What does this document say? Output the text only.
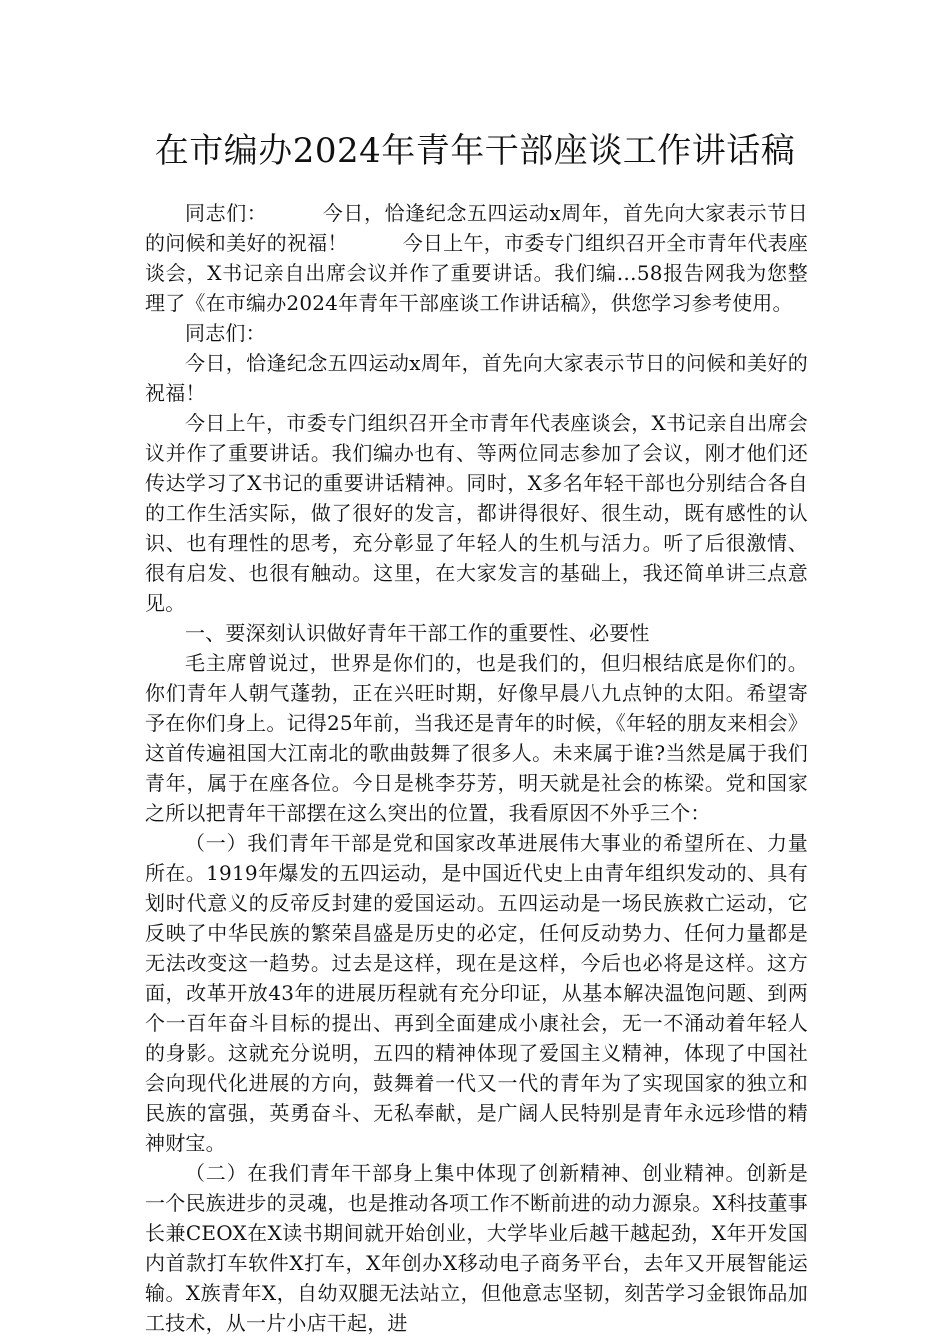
在市编办2024年青年干部座谈工作讲话稿

同志们：	今日，恰逢纪念五四运动x周年，首先向大家表示节日的问候和美好的祝福！	今日上午，市委专门组织召开全市青年代表座谈会，X书记亲自出席会议并作了重要讲话。我们编…58报告网我为您整理了《在市编办2024年青年干部座谈工作讲话稿》，供您学习参考使用。

同志们：

今日，恰逢纪念五四运动x周年，首先向大家表示节日的问候和美好的祝福！

今日上午，市委专门组织召开全市青年代表座谈会，X书记亲自出席会议并作了重要讲话。我们编办也有、等两位同志参加了会议，刚才他们还传达学习了X书记的重要讲话精神。同时，X多名年轻干部也分别结合各自的工作生活实际，做了很好的发言，都讲得很好、很生动，既有感性的认识、也有理性的思考，充分彰显了年轻人的生机与活力。听了后很激情、很有启发、也很有触动。这里，在大家发言的基础上，我还简单讲三点意见。

一、要深刻认识做好青年干部工作的重要性、必要性

毛主席曾说过，世界是你们的，也是我们的，但归根结底是你们的。你们青年人朝气蓬勃，正在兴旺时期，好像早晨八九点钟的太阳。希望寄予在你们身上。记得25年前，当我还是青年的时候，《年轻的朋友来相会》这首传遍祖国大江南北的歌曲鼓舞了很多人。未来属于谁?当然是属于我们青年，属于在座各位。今日是桃李芬芳，明天就是社会的栋梁。党和国家之所以把青年干部摆在这么突出的位置，我看原因不外乎三个：

（一）我们青年干部是党和国家改革进展伟大事业的希望所在、力量所在。1919年爆发的五四运动，是中国近代史上由青年组织发动的、具有划时代意义的反帝反封建的爱国运动。五四运动是一场民族救亡运动，它反映了中华民族的繁荣昌盛是历史的必定，任何反动势力、任何力量都是无法改变这一趋势。过去是这样，现在是这样，今后也必将是这样。这方面，改革开放43年的进展历程就有充分印证，从基本解决温饱问题、到两个一百年奋斗目标的提出、再到全面建成小康社会，无一不涌动着年轻人的身影。这就充分说明，五四的精神体现了爱国主义精神，体现了中国社会向现代化进展的方向，鼓舞着一代又一代的青年为了实现国家的独立和民族的富强，英勇奋斗、无私奉献，是广阔人民特别是青年永远珍惜的精神财宝。

（二）在我们青年干部身上集中体现了创新精神、创业精神。创新是一个民族进步的灵魂，也是推动各项工作不断前进的动力源泉。X科技董事长兼CEOX在X读书期间就开始创业，大学毕业后越干越起劲，X年开发国内首款打车软件X打车，X年创办X移动电子商务平台，去年又开展智能运输。X族青年X，自幼双腿无法站立，但他意志坚韧，刻苦学习金银饰品加工技术，从一片小店干起，进
